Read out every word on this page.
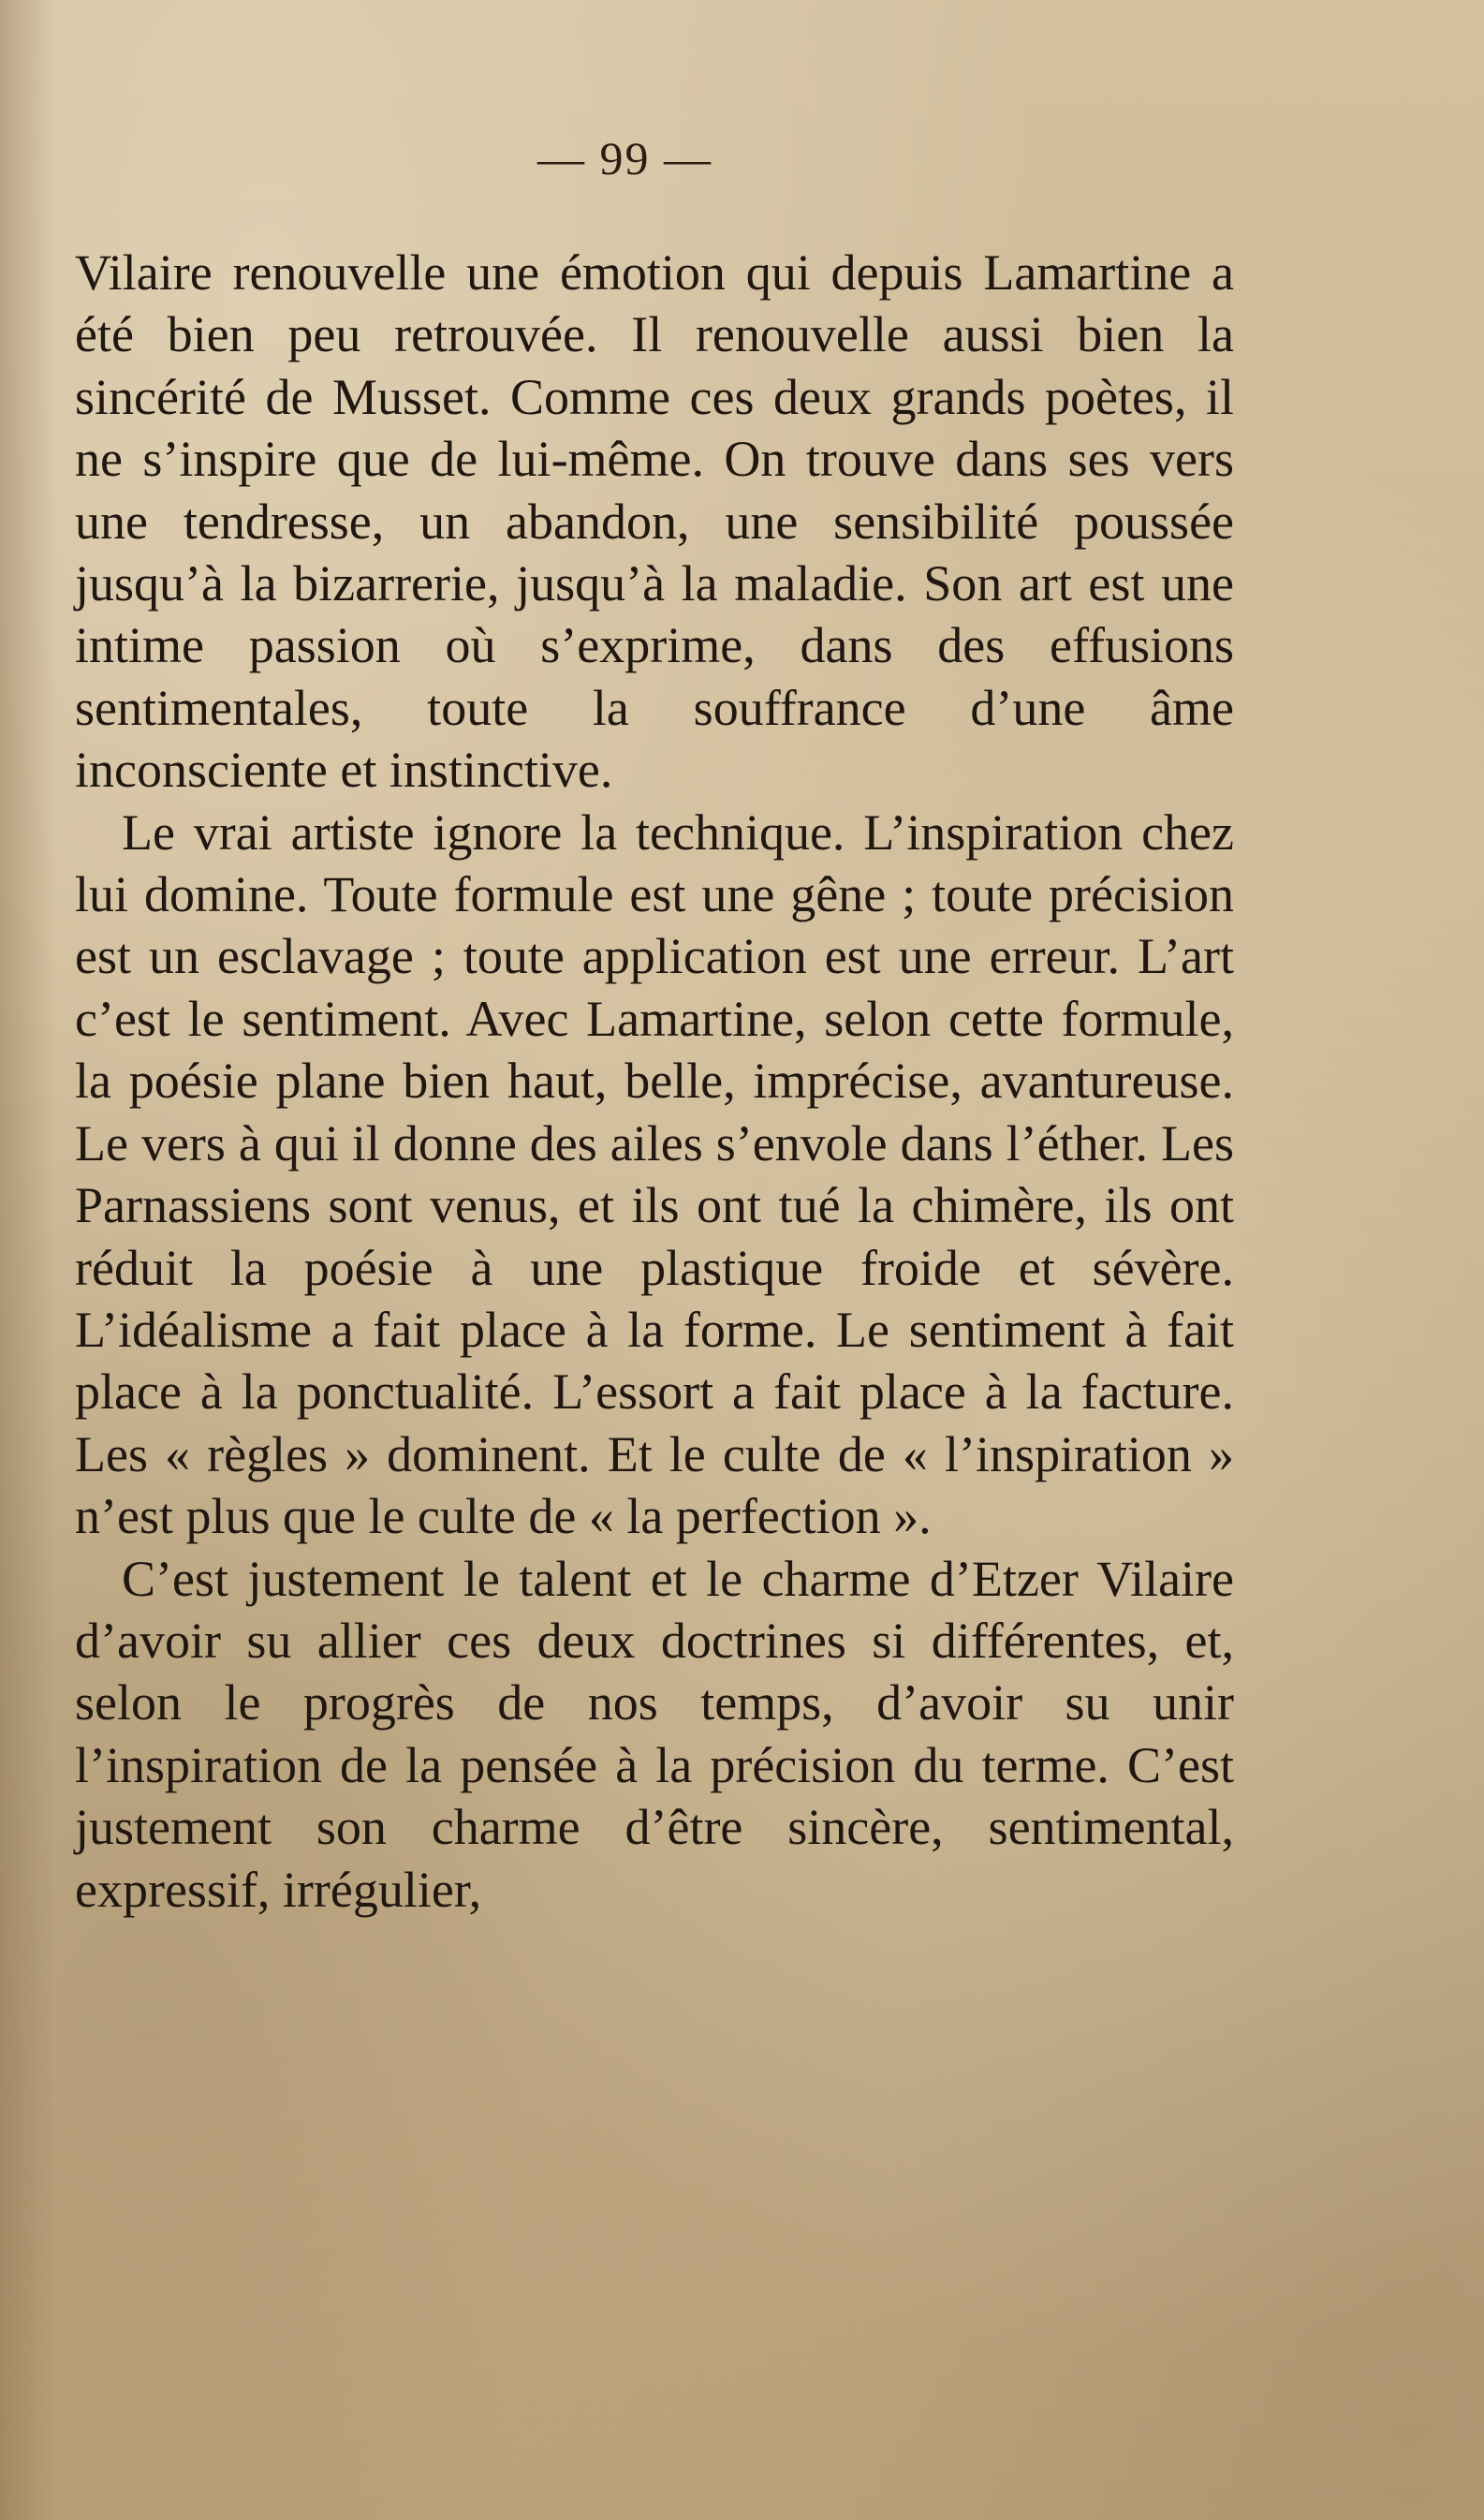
— 99 —

Vilaire renouvelle une émotion qui depuis Lamartine a été bien peu retrouvée. Il renouvelle aussi bien la sincérité de Musset. Comme ces deux grands poètes, il ne s’inspire que de lui-même. On trouve dans ses vers une tendresse, un abandon, une sensibilité poussée jusqu’à la bizarrerie, jusqu’à la maladie. Son art est une intime passion où s’exprime, dans des effusions sentimentales, toute la souffrance d’une âme inconsciente et instinctive.

Le vrai artiste ignore la technique. L’inspiration chez lui domine. Toute formule est une gêne ; toute précision est un esclavage ; toute application est une erreur. L’art c’est le sentiment. Avec Lamartine, selon cette formule, la poésie plane bien haut, belle, imprécise, avantureuse. Le vers à qui il donne des ailes s’envole dans l’éther. Les Parnassiens sont venus, et ils ont tué la chimère, ils ont réduit la poésie à une plastique froide et sévère. L’idéalisme a fait place à la forme. Le sentiment à fait place à la ponctualité. L’essort a fait place à la facture. Les « règles » dominent. Et le culte de « l’inspiration » n’est plus que le culte de « la perfection ».

C’est justement le talent et le charme d’Etzer Vilaire d’avoir su allier ces deux doctrines si différentes, et, selon le progrès de nos temps, d’avoir su unir l’inspiration de la pensée à la précision du terme. C’est justement son charme d’être sincère, sentimental, expressif, irrégulier,
